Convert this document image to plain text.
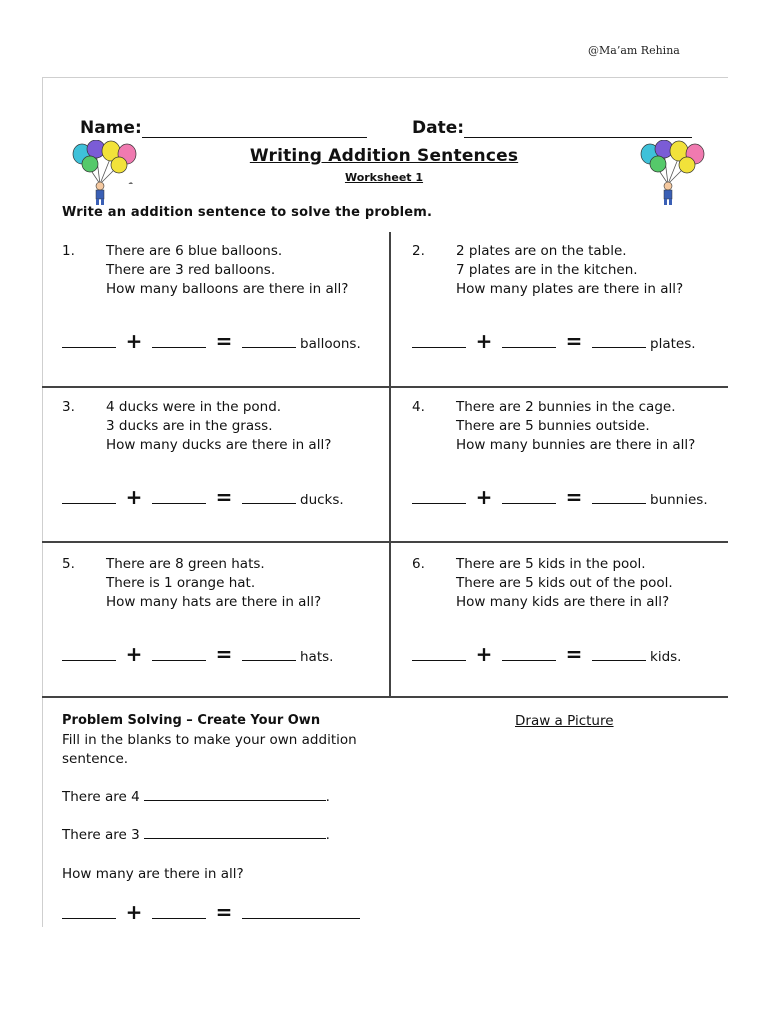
@Ma’am Rehina
Name:	Date:
☁
Writing Addition Sentences
Worksheet 1
Write an addition sentence to solve the problem.
1. There are 6 blue balloons.
There are 3 red balloons.
How many balloons are there in all?
+	=	balloons.
2. 2 plates are on the table.
7 plates are in the kitchen.
How many plates are there in all?
+	=	plates.
3. 4 ducks were in the pond.
3 ducks are in the grass.
How many ducks are there in all?
+	=	ducks.
4. There are 2 bunnies in the cage.
There are 5 bunnies outside.
How many bunnies are there in all?
+	=	bunnies.
5. There are 8 green hats.
There is 1 orange hat.
How many hats are there in all?
+	=	hats.
6. There are 5 kids in the pool.
There are 5 kids out of the pool.
How many kids are there in all?
+	=	kids.
Problem Solving – Create Your Own
Fill in the blanks to make your own addition sentence.
Draw a Picture
There are 4	.
There are 3	.
How many are there in all?
+	=
